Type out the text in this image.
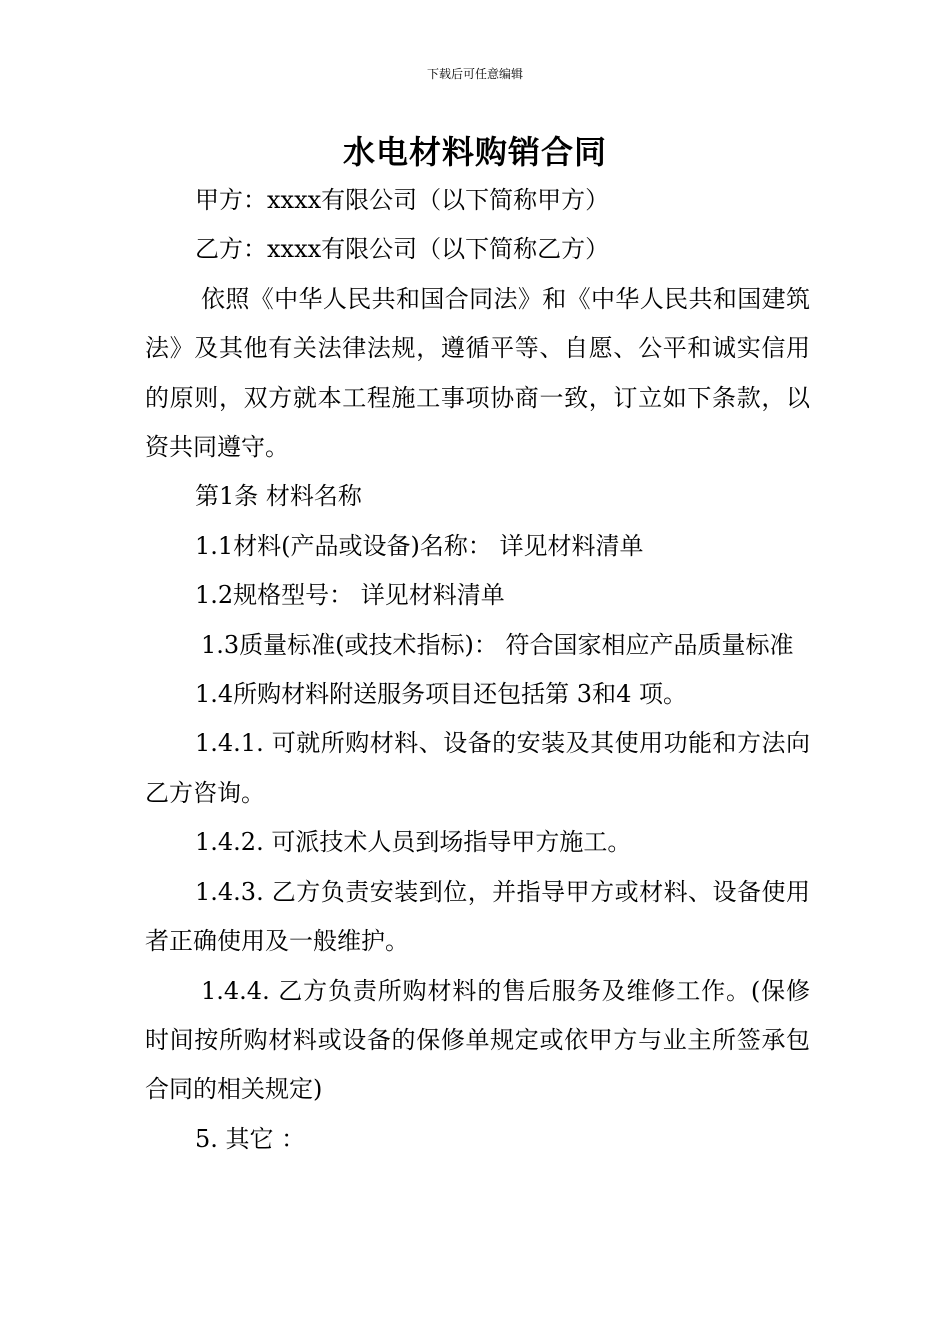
下载后可任意编辑
水电材料购销合同

甲方：xxxx有限公司（以下简称甲方）

乙方：xxxx有限公司（以下简称乙方）

依照《中华人民共和国合同法》和《中华人民共和国建筑法》及其他有关法律法规，遵循平等、自愿、公平和诚实信用的原则，双方就本工程施工事项协商一致，订立如下条款，以资共同遵守。

第1条 材料名称

1.1材料(产品或设备)名称： 详见材料清单

1.2规格型号： 详见材料清单

1.3质量标准(或技术指标)： 符合国家相应产品质量标准

1.4所购材料附送服务项目还包括第 3和4 项。

1.4.1. 可就所购材料、设备的安装及其使用功能和方法向乙方咨询。

1.4.2. 可派技术人员到场指导甲方施工。

1.4.3. 乙方负责安装到位，并指导甲方或材料、设备使用者正确使用及一般维护。

1.4.4. 乙方负责所购材料的售后服务及维修工作。(保修时间按所购材料或设备的保修单规定或依甲方与业主所签承包合同的相关规定)

5. 其它 ：
